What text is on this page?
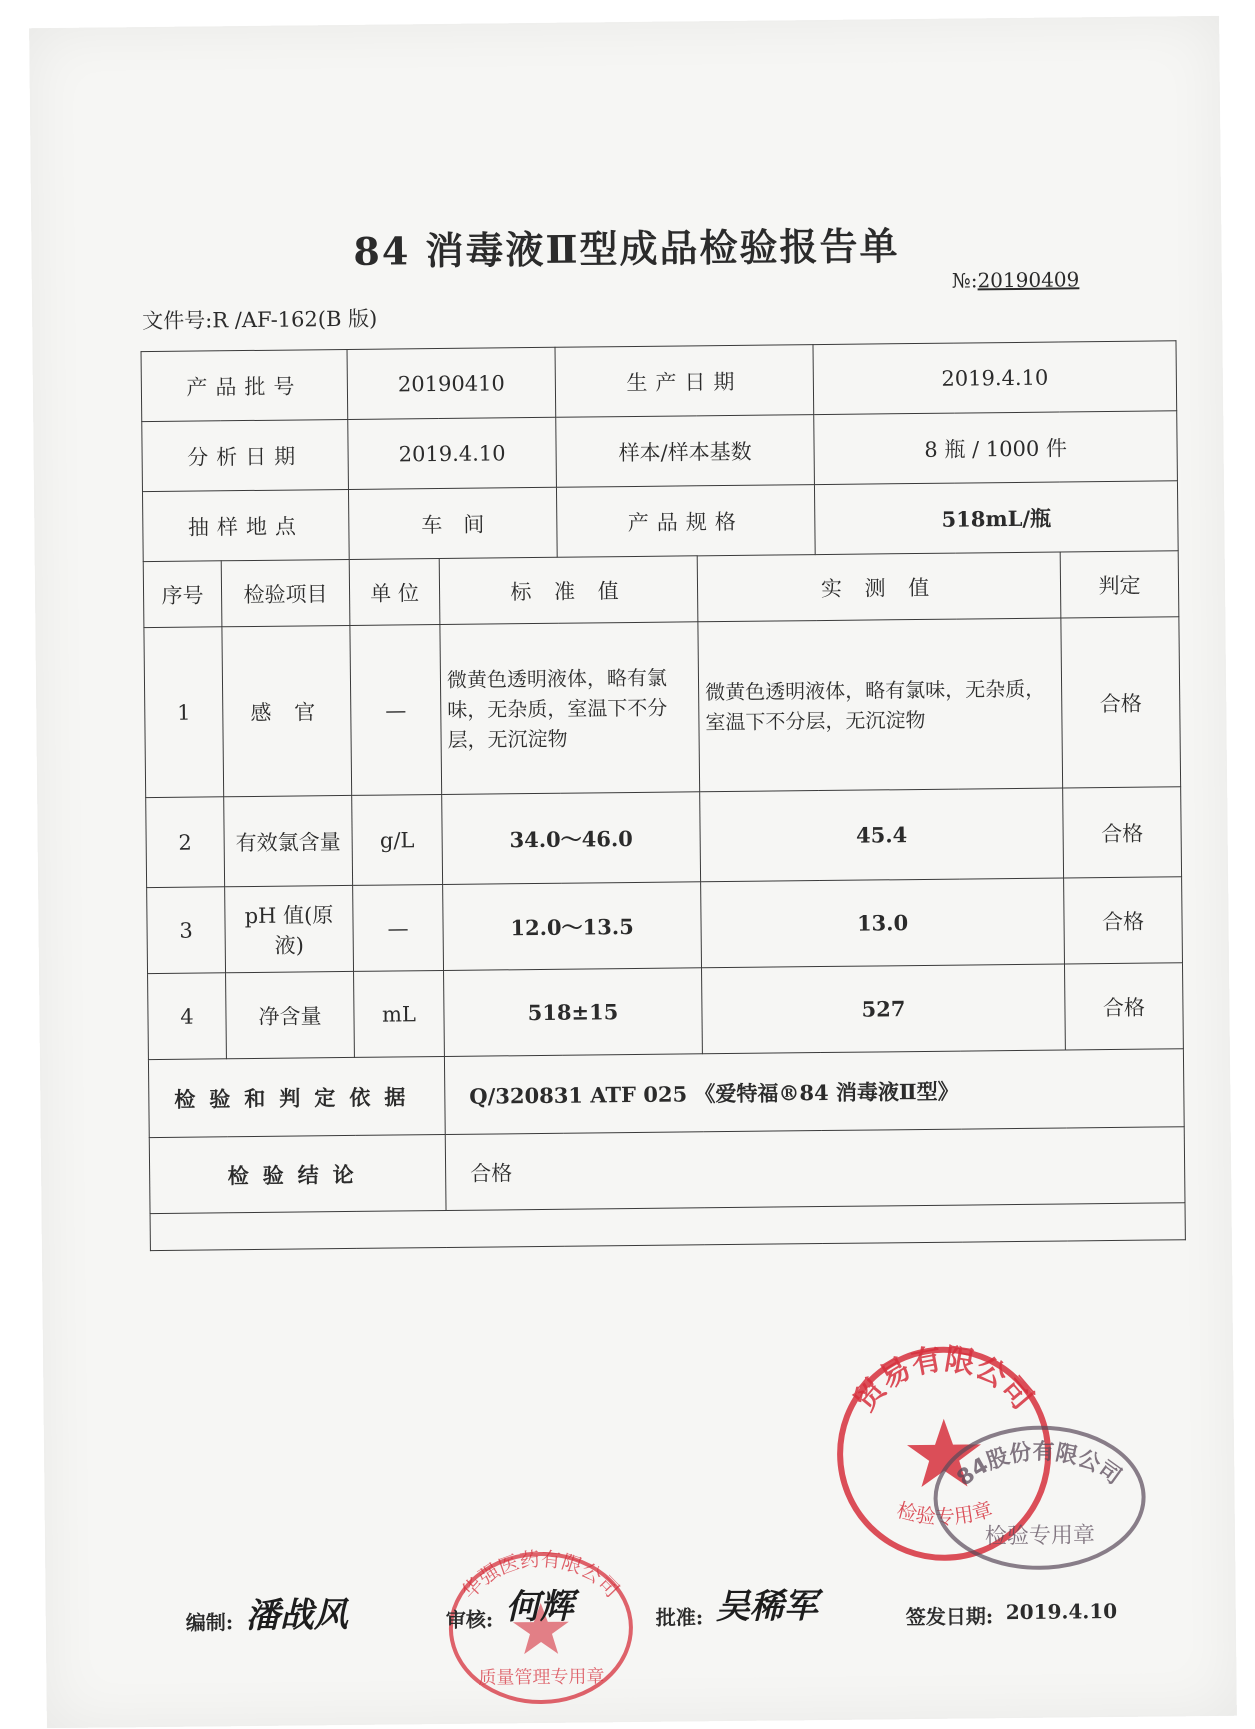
84 消毒液Ⅱ型成品检验报告单
文件号:R /AF-162(B 版)
№:20190409
产品批号		20190410		生产日期		2019.4.10	
分析日期		2019.4.10		样本/样本基数		8 瓶 / 1000 件	
抽样地点		车　间		产品规格		518mL/瓶	
序号	检验项目	单 位	标 准 值		实 测 值		判定
1	感 官	—	微黄色透明液体，略有氯味，无杂质，室温下不分层，无沉淀物		微黄色透明液体，略有氯味，无杂质，室温下不分层，无沉淀物		合格
2	有效氯含量	g/L	34.0～46.0		45.4		合格
3	pH 值(原液)	—	12.0～13.5		13.0		合格
4	净含量	mL	518±15		527		合格
检验和判定依据			Q/320831 ATF 025 《爱特福®84 消毒液Ⅱ型》				
检验结论			合格				

贸易有限公司
检验专用章
84股份有限公司
检验专用章
华强医药有限公司
质量管理专用章
编制: 潘战风	审核: 何辉	批准: 吴稀军	签发日期: 2019.4.10
